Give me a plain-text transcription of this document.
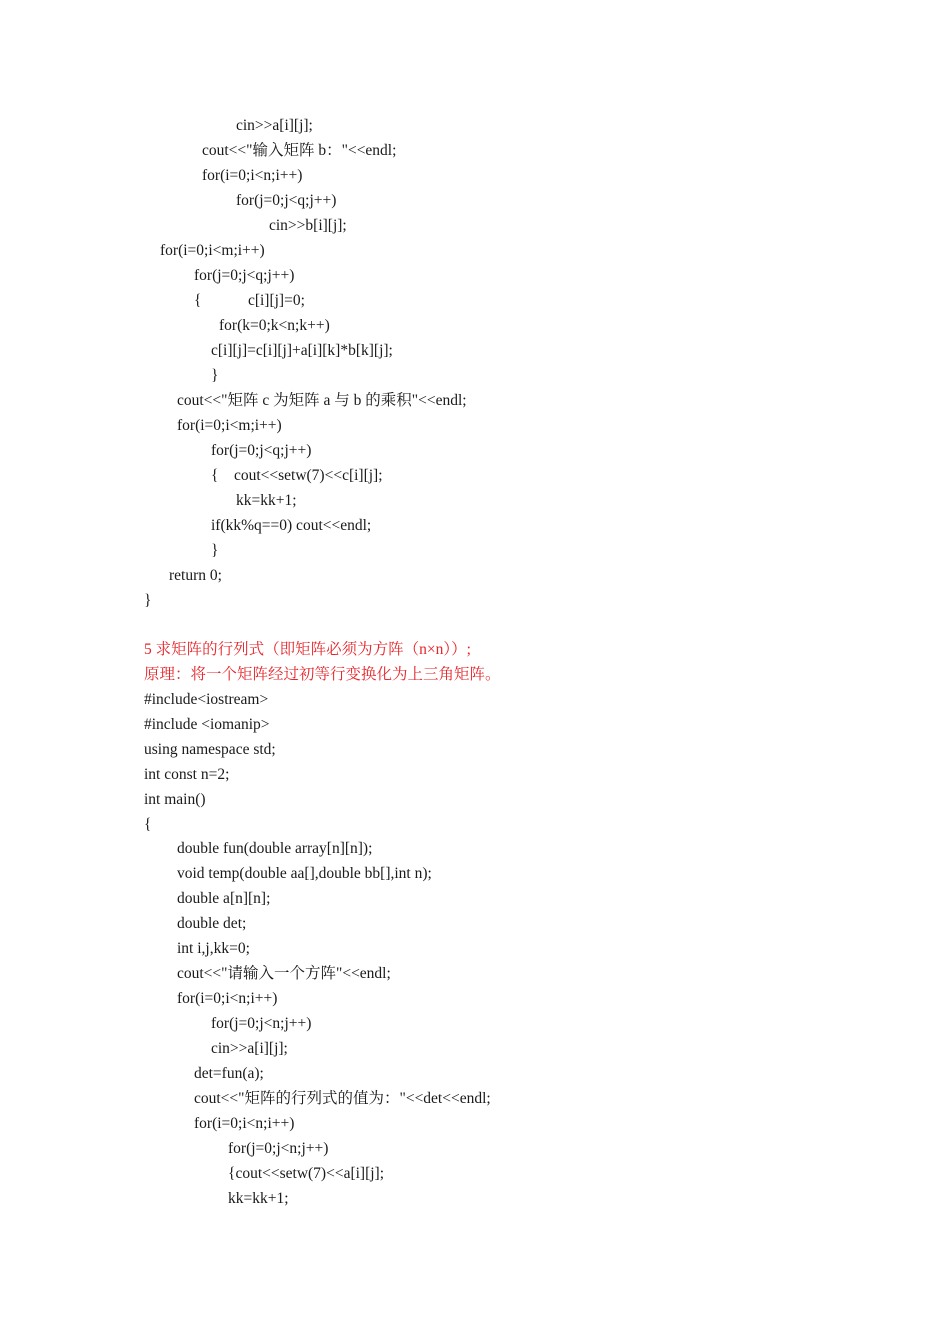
cin>>a[i][j];
cout<<"输入矩阵 b："<<endl;
for(i=0;i<n;i++)
for(j=0;j<q;j++)
cin>>b[i][j];
for(i=0;i<m;i++)
for(j=0;j<q;j++)
{            c[i][j]=0;
for(k=0;k<n;k++)
c[i][j]=c[i][j]+a[i][k]*b[k][j];
}
cout<<"矩阵 c 为矩阵 a 与 b 的乘积"<<endl;
for(i=0;i<m;i++)
for(j=0;j<q;j++)
{    cout<<setw(7)<<c[i][j];
kk=kk+1;
if(kk%q==0) cout<<endl;
}
return 0;
}
5 求矩阵的行列式（即矩阵必须为方阵（n×n））;
原理：将一个矩阵经过初等行变换化为上三角矩阵。
#include<iostream>
#include <iomanip>
using namespace std;
int const n=2;
int main()
{
double fun(double array[n][n]);
void temp(double aa[],double bb[],int n);
double a[n][n];
double det;
int i,j,kk=0;
cout<<"请输入一个方阵"<<endl;
for(i=0;i<n;i++)
for(j=0;j<n;j++)
cin>>a[i][j];
det=fun(a);
cout<<"矩阵的行列式的值为："<<det<<endl;
for(i=0;i<n;i++)
for(j=0;j<n;j++)
{cout<<setw(7)<<a[i][j];
kk=kk+1;
